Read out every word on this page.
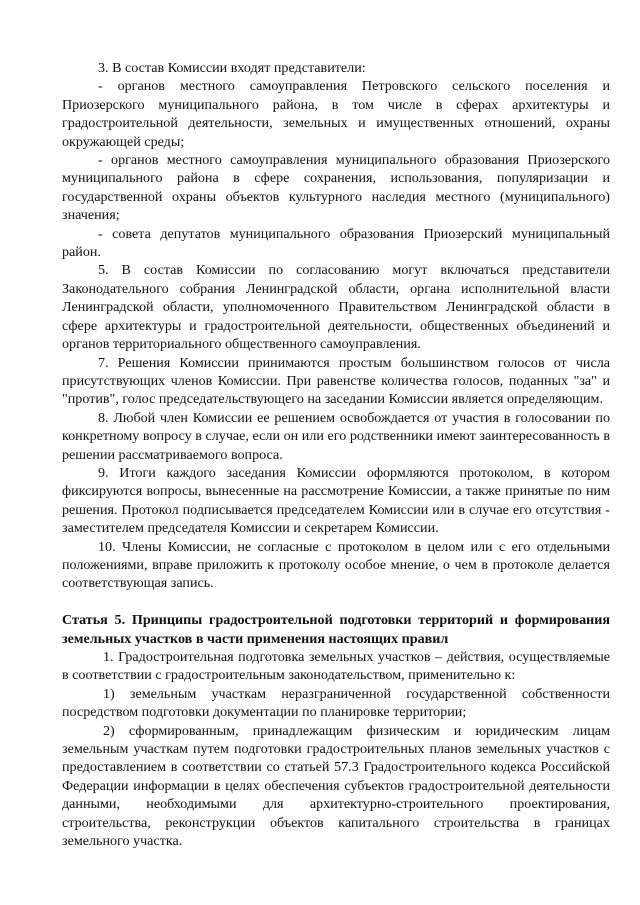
3. В состав Комиссии входят представители:

- органов местного самоуправления Петровского сельского поселения и Приозерского муниципального района, в том числе в сферах архитектуры и градостроительной деятельности, земельных и имущественных отношений, охраны окружающей среды;

- органов местного самоуправления муниципального образования Приозерского муниципального района в сфере сохранения, использования, популяризации и государственной охраны объектов культурного наследия местного (муниципального) значения;

- совета депутатов муниципального образования Приозерский муниципальный район.

5. В состав Комиссии по согласованию могут включаться представители Законодательного собрания Ленинградской области, органа исполнительной власти Ленинградской области, уполномоченного Правительством Ленинградской области в сфере архитектуры и градостроительной деятельности, общественных объединений и органов территориального общественного самоуправления.

7. Решения Комиссии принимаются простым большинством голосов от числа присутствующих членов Комиссии. При равенстве количества голосов, поданных "за" и "против", голос председательствующего на заседании Комиссии является определяющим.

8. Любой член Комиссии ее решением освобождается от участия в голосовании по конкретному вопросу в случае, если он или его родственники имеют заинтересованность в решении рассматриваемого вопроса.

9. Итоги каждого заседания Комиссии оформляются протоколом, в котором фиксируются вопросы, вынесенные на рассмотрение Комиссии, а также принятые по ним решения. Протокол подписывается председателем Комиссии или в случае его отсутствия - заместителем председателя Комиссии и секретарем Комиссии.

10. Члены Комиссии, не согласные с протоколом в целом или с его отдельными положениями, вправе приложить к протоколу особое мнение, о чем в протоколе делается соответствующая запись.

Статья 5. Принципы градостроительной подготовки территорий и формирования земельных участков в части применения настоящих правил

1. Градостроительная подготовка земельных участков – действия, осуществляемые в соответствии с градостроительным законодательством, применительно к:

1) земельным участкам неразграниченной государственной собственности посредством подготовки документации по планировке территории;

2) сформированным, принадлежащим физическим и юридическим лицам земельным участкам путем подготовки градостроительных планов земельных участков с предоставлением в соответствии со статьей 57.3 Градостроительного кодекса Российской Федерации информации в целях обеспечения субъектов градостроительной деятельности данными, необходимыми для архитектурно-строительного проектирования, строительства, реконструкции объектов капитального строительства в границах земельного участка.
